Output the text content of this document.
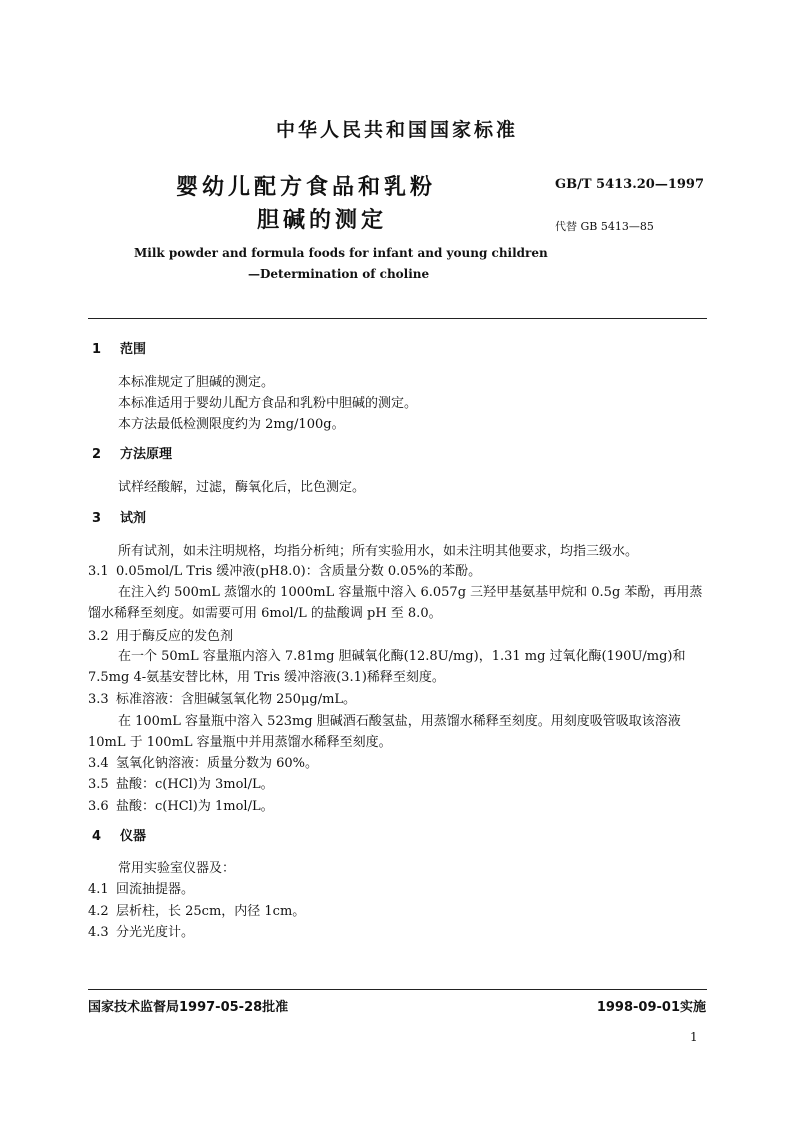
中华人民共和国国家标准
婴幼儿配方食品和乳粉
胆碱的测定
GB/T 5413.20—1997
代替 GB 5413—85
Milk powder and formula foods for infant and young children
—Determination of choline
1 范围
本标准规定了胆碱的测定。
本标准适用于婴幼儿配方食品和乳粉中胆碱的测定。
本方法最低检测限度约为 2mg/100g。
2 方法原理
试样经酸解，过滤，酶氧化后，比色测定。
3 试剂
所有试剂，如未注明规格，均指分析纯；所有实验用水，如未注明其他要求，均指三级水。
3.1 0.05mol/L Tris 缓冲液(pH8.0)：含质量分数 0.05%的苯酚。
在注入约 500mL 蒸馏水的 1000mL 容量瓶中溶入 6.057g 三羟甲基氨基甲烷和 0.5g 苯酚，再用蒸
馏水稀释至刻度。如需要可用 6mol/L 的盐酸调 pH 至 8.0。
3.2 用于酶反应的发色剂
在一个 50mL 容量瓶内溶入 7.81mg 胆碱氧化酶(12.8U/mg)，1.31 mg 过氧化酶(190U/mg)和
7.5mg 4-氨基安替比林，用 Tris 缓冲溶液(3.1)稀释至刻度。
3.3 标准溶液：含胆碱氢氧化物 250μg/mL。
在 100mL 容量瓶中溶入 523mg 胆碱酒石酸氢盐，用蒸馏水稀释至刻度。用刻度吸管吸取该溶液
10mL 于 100mL 容量瓶中并用蒸馏水稀释至刻度。
3.4 氢氧化钠溶液：质量分数为 60%。
3.5 盐酸：c(HCl)为 3mol/L。
3.6 盐酸：c(HCl)为 1mol/L。
4 仪器
常用实验室仪器及：
4.1 回流抽提器。
4.2 层析柱，长 25cm，内径 1cm。
4.3 分光光度计。
国家技术监督局1997-05-28批准	1998-09-01实施
1
